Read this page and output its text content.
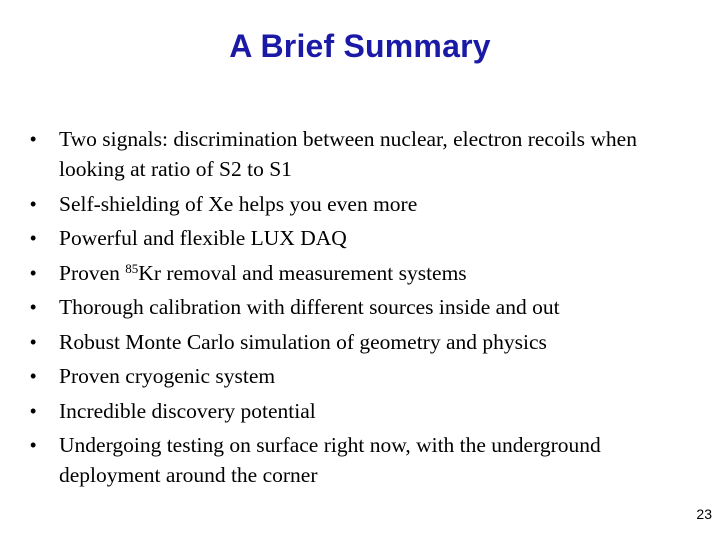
A Brief Summary
• Two signals: discrimination between nuclear, electron recoils when looking at ratio of S2 to S1
• Self-shielding of Xe helps you even more
• Powerful and flexible LUX DAQ
• Proven $^{85}$Kr removal and measurement systems
• Thorough calibration with different sources inside and out
• Robust Monte Carlo simulation of geometry and physics
• Proven cryogenic system
• Incredible discovery potential
• Undergoing testing on surface right now, with the underground deployment around the corner
23
